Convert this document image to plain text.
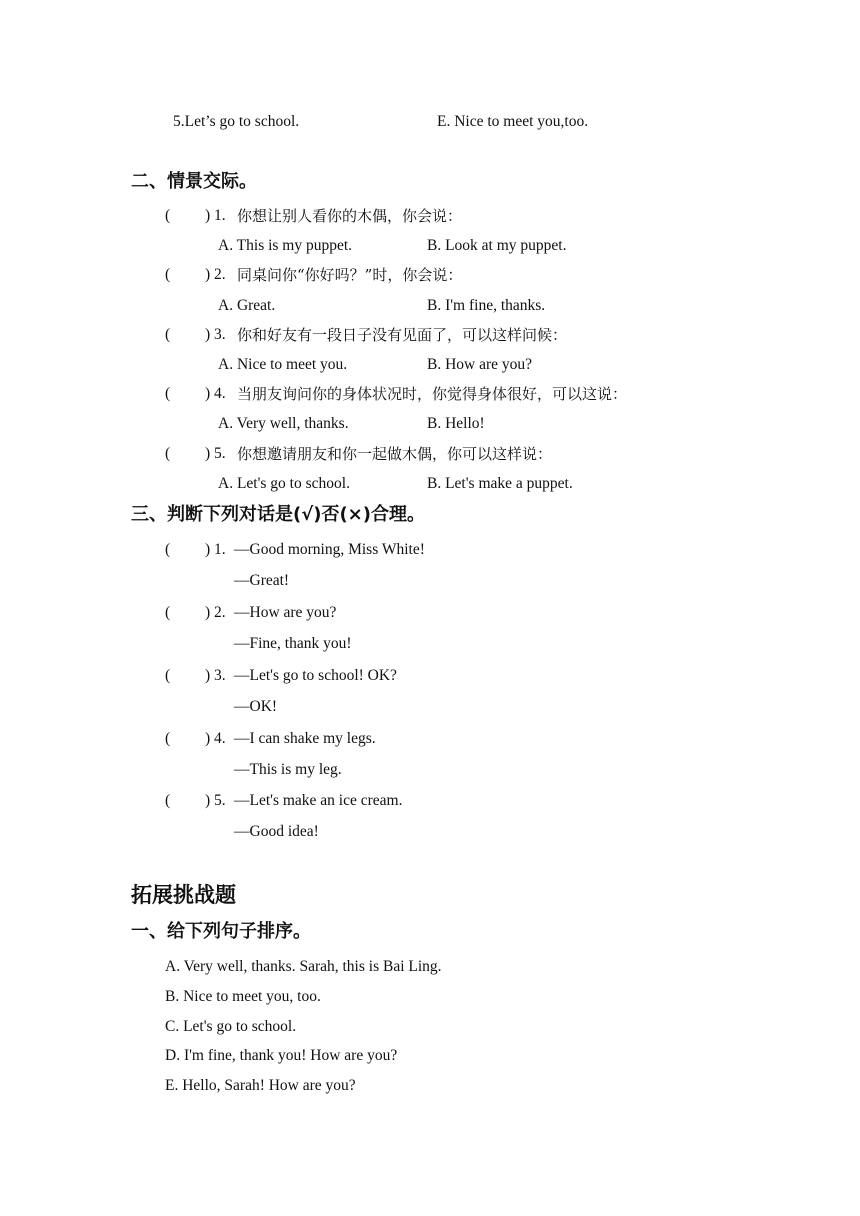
5.Let’s go to school.	E. Nice to meet you,too.
二、情景交际。
( ) 1. 你想让别人看你的木偶，你会说：
A. This is my puppet.	B. Look at my puppet.
( ) 2. 同桌问你“你好吗？”时，你会说：
A. Great.	B. I'm fine, thanks.
( ) 3. 你和好友有一段日子没有见面了，可以这样问候：
A. Nice to meet you.	B. How are you?
( ) 4. 当朋友询问你的身体状况时，你觉得身体很好，可以这说：
A. Very well, thanks.	B. Hello!
( ) 5. 你想邀请朋友和你一起做木偶，你可以这样说：
A. Let's go to school.	B. Let's make a puppet.
三、判断下列对话是(√)否(×)合理。
( ) 1. —Good morning, Miss White!
—Great!
( ) 2. —How are you?
—Fine, thank you!
( ) 3. —Let's go to school! OK?
—OK!
( ) 4. —I can shake my legs.
—This is my leg.
( ) 5. —Let's make an ice cream.
—Good idea!
拓展挑战题
一、给下列句子排序。
A. Very well, thanks. Sarah, this is Bai Ling.
B. Nice to meet you, too.
C. Let's go to school.
D. I'm fine, thank you! How are you?
E. Hello, Sarah! How are you?
